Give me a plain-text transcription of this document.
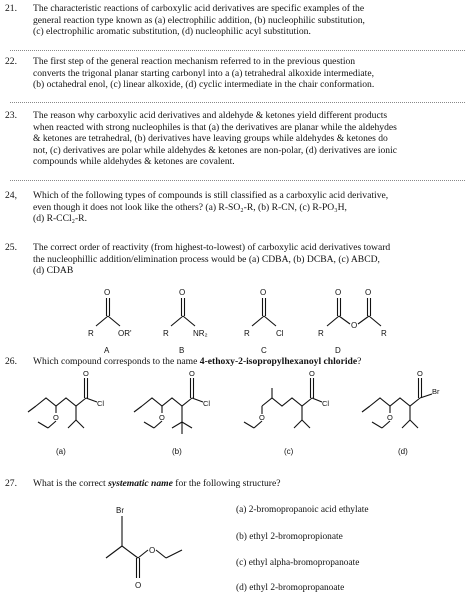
21. The characteristic reactions of carboxylic acid derivatives are specific examples of the
general reaction type known as (a) electrophilic addition, (b) nucleophilic substitution,
(c) electrophilic aromatic substitution, (d) nucleophilic acyl substitution.
22. The first step of the general reaction mechanism referred to in the previous question
converts the trigonal planar starting carbonyl into a (a) tetrahedral alkoxide intermediate,
(b) octahedral enol, (c) linear alkoxide, (d) cyclic intermediate in the chair conformation.
23. The reason why carboxylic acid derivatives and aldehyde & ketones yield different products
when reacted with strong nucleophiles is that (a) the derivatives are planar while the aldehydes
& ketones are tetrahedral, (b) derivatives have leaving groups while aldehydes & ketones do
not, (c) derivatives are polar while aldehydes & ketones are non-polar, (d) derivatives are ionic
compounds while aldehydes & ketones are covalent.
24, Which of the following types of compounds is still classified as a carboxylic acid derivative,
even though it does not look like the others? (a) R-SO₂-R, (b) R-CN, (c) R-PO₃H,
(d) R-CCl₂-R.
25. The correct order of reactivity (from highest-to-lowest) of carboxylic acid derivatives toward
the nucleophillic addition/elimination process would be (a) CDBA, (b) DCBA, (c) ABCD,
(d) CDAB
O
R	OR'
O
R	NR₂
O
R	Cl
O
R
O
O
R
A	B	C	D
26. Which compound corresponds to the name 4-ethoxy-2-isopropylhexanoyl chloride?
O
Cl
O
O
Cl
O
O
Cl
O
O
Br
O
(a)	(b)	(c)	(d)
27. What is the correct systematic name for the following structure?
Br
O
O
(a) 2-bromopropanoic acid ethylate
(b) ethyl 2-bromopropionate
(c) ethyl alpha-bromopropanoate
(d) ethyl 2-bromopropanoate
